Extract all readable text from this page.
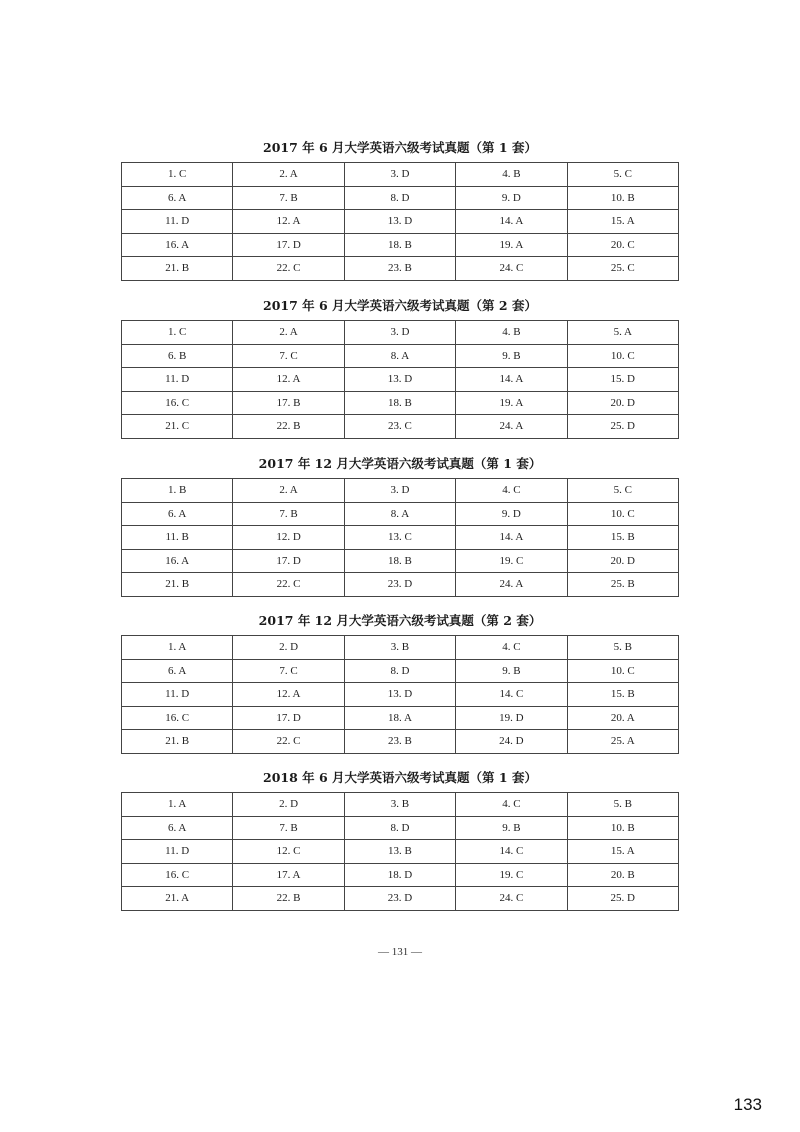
2017 年 6 月大学英语六级考试真题（第 1 套）
1. C	2. A	3. D	4. B	5. C
6. A	7. B	8. D	9. D	10. B
11. D	12. A	13. D	14. A	15. A
16. A	17. D	18. B	19. A	20. C
21. B	22. C	23. B	24. C	25. C
2017 年 6 月大学英语六级考试真题（第 2 套）
1. C	2. A	3. D	4. B	5. A
6. B	7. C	8. A	9. B	10. C
11. D	12. A	13. D	14. A	15. D
16. C	17. B	18. B	19. A	20. D
21. C	22. B	23. C	24. A	25. D
2017 年 12 月大学英语六级考试真题（第 1 套）
1. B	2. A	3. D	4. C	5. C
6. A	7. B	8. A	9. D	10. C
11. B	12. D	13. C	14. A	15. B
16. A	17. D	18. B	19. C	20. D
21. B	22. C	23. D	24. A	25. B
2017 年 12 月大学英语六级考试真题（第 2 套）
1. A	2. D	3. B	4. C	5. B
6. A	7. C	8. D	9. B	10. C
11. D	12. A	13. D	14. C	15. B
16. C	17. D	18. A	19. D	20. A
21. B	22. C	23. B	24. D	25. A
2018 年 6 月大学英语六级考试真题（第 1 套）
1. A	2. D	3. B	4. C	5. B
6. A	7. B	8. D	9. B	10. B
11. D	12. C	13. B	14. C	15. A
16. C	17. A	18. D	19. C	20. B
21. A	22. B	23. D	24. C	25. D
— 131 —
133
